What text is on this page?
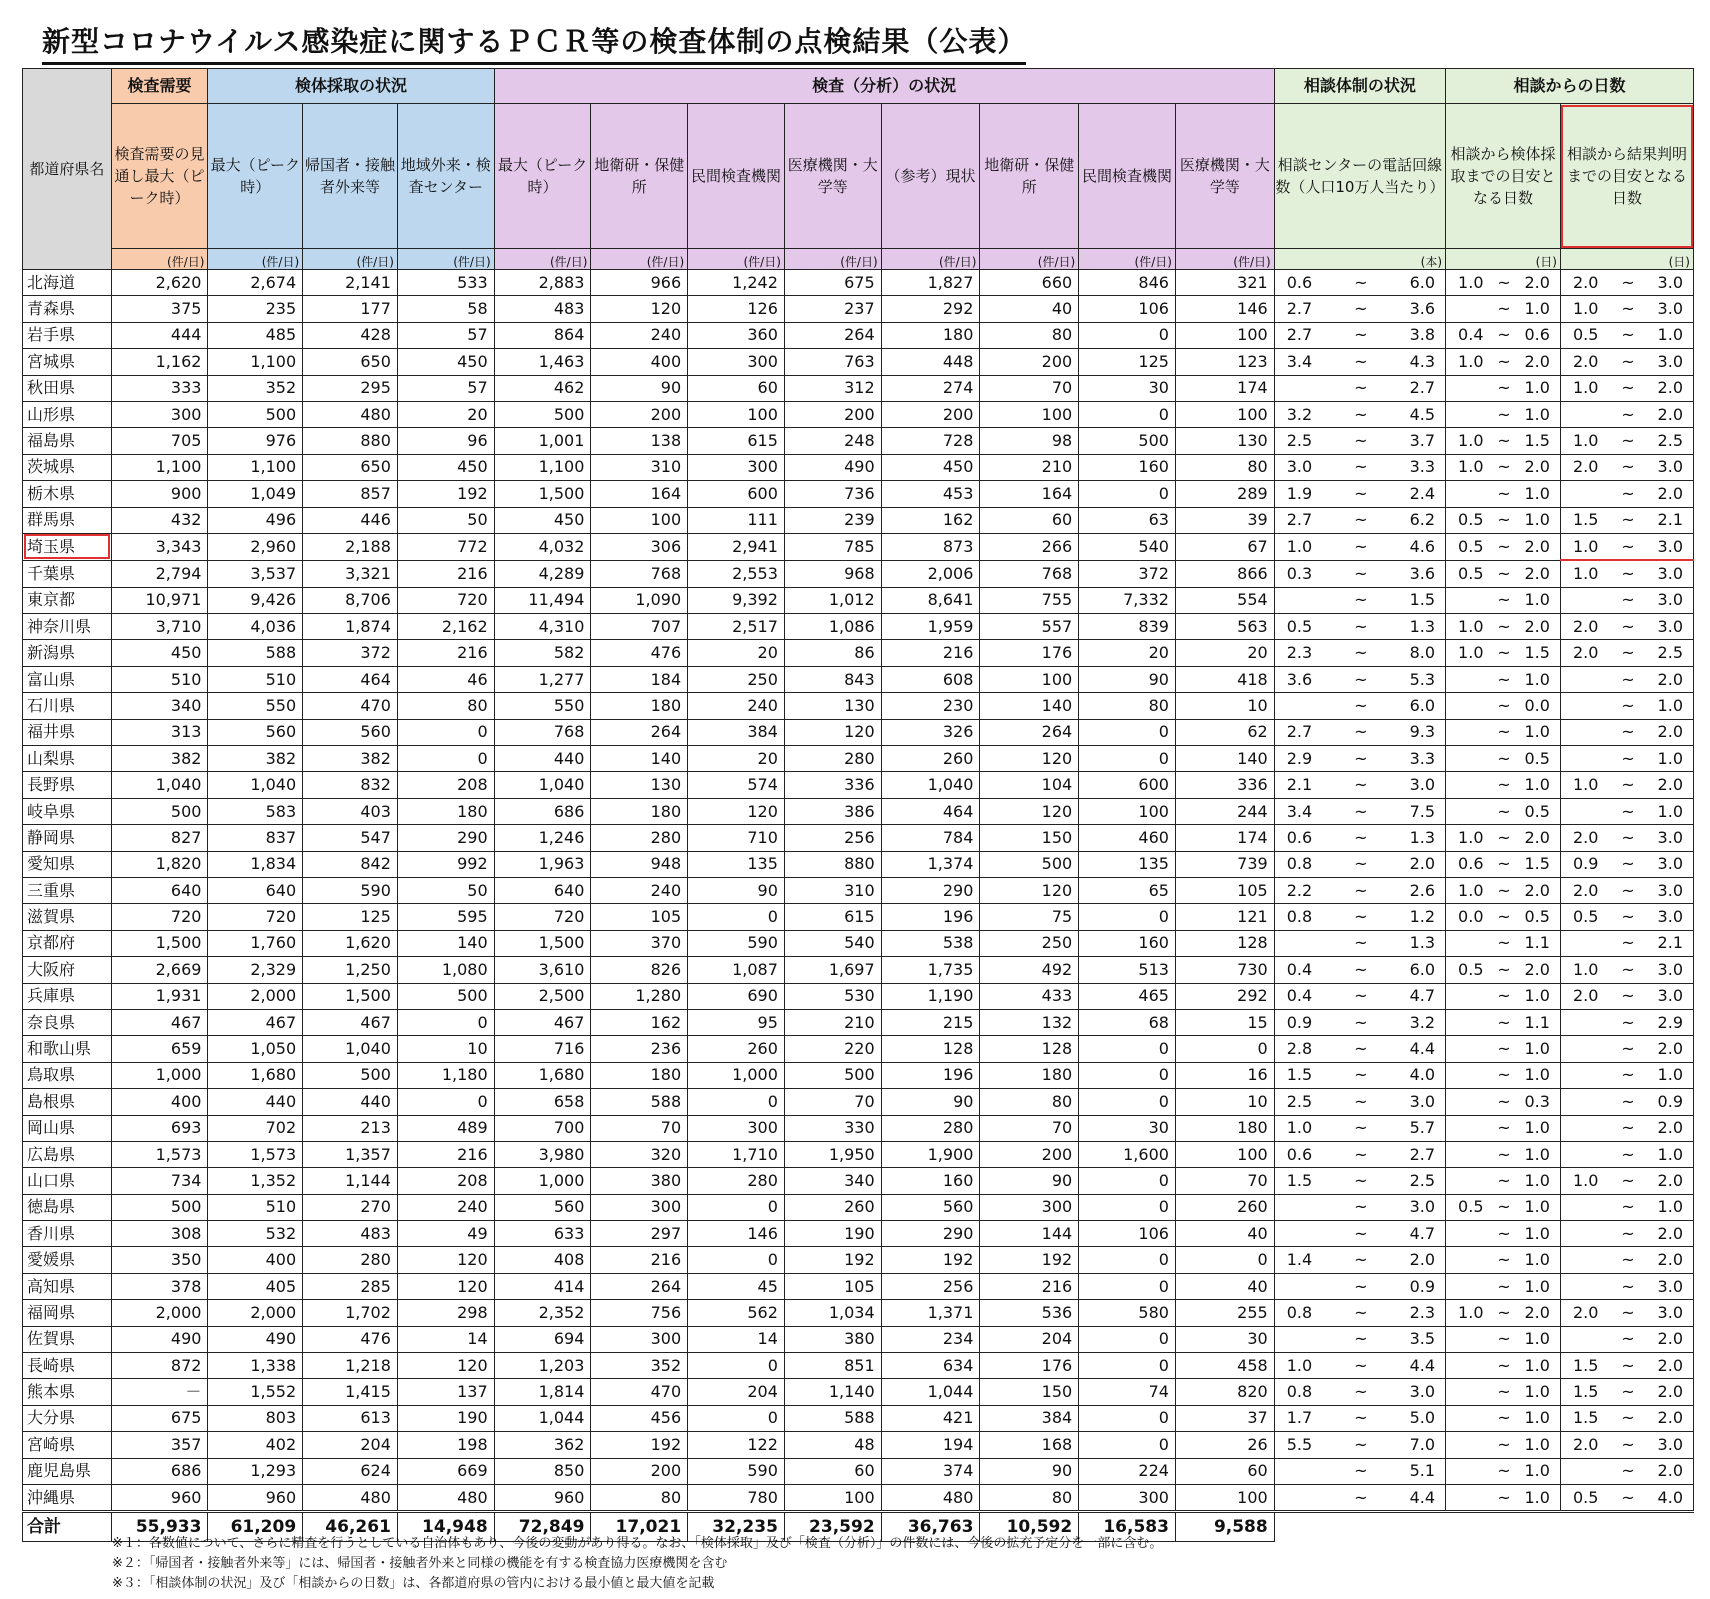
新型コロナウイルス感染症に関するＰＣＲ等の検査体制の点検結果（公表）
都道府県名	検査需要	検体採取の状況			検査（分析）の状況								相談体制の状況	相談からの日数	
	検査需要の見通し最大（ピーク時）	最大（ピーク時）	帰国者・接触者外来等	地域外来・検査センター	最大（ピーク時）	地衛研・保健所	民間検査機関	医療機関・大学等	（参考）現状	地衛研・保健所	民間検査機関	医療機関・大学等	相談センターの電話回線数（人口10万人当たり）	相談から検体採取までの目安となる日数	相談から結果判明までの目安となる日数
	(件/日)	(件/日)	(件/日)	(件/日)	(件/日)	(件/日)	(件/日)	(件/日)	(件/日)	(件/日)	(件/日)	(件/日)	(本)	(日)	(日)
北海道	2,620	2,674	2,141	533	2,883	966	1,242	675	1,827	660	846	321	0.6 ~ 6.0	1.0 ~ 2.0	2.0 ~ 3.0

青森県	375	235	177	58	483	120	126	237	292	40	106	146	2.7 ~ 3.6	~ 1.0	1.0 ~ 3.0

岩手県	444	485	428	57	864	240	360	264	180	80	0	100	2.7 ~ 3.8	0.4 ~ 0.6	0.5 ~ 1.0

宮城県	1,162	1,100	650	450	1,463	400	300	763	448	200	125	123	3.4 ~ 4.3	1.0 ~ 2.0	2.0 ~ 3.0

秋田県	333	352	295	57	462	90	60	312	274	70	30	174	~ 2.7	~ 1.0	1.0 ~ 2.0

山形県	300	500	480	20	500	200	100	200	200	100	0	100	3.2 ~ 4.5	~ 1.0	~ 2.0

福島県	705	976	880	96	1,001	138	615	248	728	98	500	130	2.5 ~ 3.7	1.0 ~ 1.5	1.0 ~ 2.5

茨城県	1,100	1,100	650	450	1,100	310	300	490	450	210	160	80	3.0 ~ 3.3	1.0 ~ 2.0	2.0 ~ 3.0

栃木県	900	1,049	857	192	1,500	164	600	736	453	164	0	289	1.9 ~ 2.4	~ 1.0	~ 2.0

群馬県	432	496	446	50	450	100	111	239	162	60	63	39	2.7 ~ 6.2	0.5 ~ 1.0	1.5 ~ 2.1

埼玉県	3,343	2,960	2,188	772	4,032	306	2,941	785	873	266	540	67	1.0 ~ 4.6	0.5 ~ 2.0	1.0 ~ 3.0

千葉県	2,794	3,537	3,321	216	4,289	768	2,553	968	2,006	768	372	866	0.3 ~ 3.6	0.5 ~ 2.0	1.0 ~ 3.0

東京都	10,971	9,426	8,706	720	11,494	1,090	9,392	1,012	8,641	755	7,332	554	~ 1.5	~ 1.0	~ 3.0

神奈川県	3,710	4,036	1,874	2,162	4,310	707	2,517	1,086	1,959	557	839	563	0.5 ~ 1.3	1.0 ~ 2.0	2.0 ~ 3.0

新潟県	450	588	372	216	582	476	20	86	216	176	20	20	2.3 ~ 8.0	1.0 ~ 1.5	2.0 ~ 2.5

富山県	510	510	464	46	1,277	184	250	843	608	100	90	418	3.6 ~ 5.3	~ 1.0	~ 2.0

石川県	340	550	470	80	550	180	240	130	230	140	80	10	~ 6.0	~ 0.0	~ 1.0

福井県	313	560	560	0	768	264	384	120	326	264	0	62	2.7 ~ 9.3	~ 1.0	~ 2.0

山梨県	382	382	382	0	440	140	20	280	260	120	0	140	2.9 ~ 3.3	~ 0.5	~ 1.0

長野県	1,040	1,040	832	208	1,040	130	574	336	1,040	104	600	336	2.1 ~ 3.0	~ 1.0	1.0 ~ 2.0

岐阜県	500	583	403	180	686	180	120	386	464	120	100	244	3.4 ~ 7.5	~ 0.5	~ 1.0

静岡県	827	837	547	290	1,246	280	710	256	784	150	460	174	0.6 ~ 1.3	1.0 ~ 2.0	2.0 ~ 3.0

愛知県	1,820	1,834	842	992	1,963	948	135	880	1,374	500	135	739	0.8 ~ 2.0	0.6 ~ 1.5	0.9 ~ 3.0

三重県	640	640	590	50	640	240	90	310	290	120	65	105	2.2 ~ 2.6	1.0 ~ 2.0	2.0 ~ 3.0

滋賀県	720	720	125	595	720	105	0	615	196	75	0	121	0.8 ~ 1.2	0.0 ~ 0.5	0.5 ~ 3.0

京都府	1,500	1,760	1,620	140	1,500	370	590	540	538	250	160	128	~ 1.3	~ 1.1	~ 2.1

大阪府	2,669	2,329	1,250	1,080	3,610	826	1,087	1,697	1,735	492	513	730	0.4 ~ 6.0	0.5 ~ 2.0	1.0 ~ 3.0

兵庫県	1,931	2,000	1,500	500	2,500	1,280	690	530	1,190	433	465	292	0.4 ~ 4.7	~ 1.0	2.0 ~ 3.0

奈良県	467	467	467	0	467	162	95	210	215	132	68	15	0.9 ~ 3.2	~ 1.1	~ 2.9

和歌山県	659	1,050	1,040	10	716	236	260	220	128	128	0	0	2.8 ~ 4.4	~ 1.0	~ 2.0

鳥取県	1,000	1,680	500	1,180	1,680	180	1,000	500	196	180	0	16	1.5 ~ 4.0	~ 1.0	~ 1.0

島根県	400	440	440	0	658	588	0	70	90	80	0	10	2.5 ~ 3.0	~ 0.3	~ 0.9

岡山県	693	702	213	489	700	70	300	330	280	70	30	180	1.0 ~ 5.7	~ 1.0	~ 2.0

広島県	1,573	1,573	1,357	216	3,980	320	1,710	1,950	1,900	200	1,600	100	0.6 ~ 2.7	~ 1.0	~ 1.0

山口県	734	1,352	1,144	208	1,000	380	280	340	160	90	0	70	1.5 ~ 2.5	~ 1.0	1.0 ~ 2.0

徳島県	500	510	270	240	560	300	0	260	560	300	0	260	~ 3.0	0.5 ~ 1.0	~ 1.0

香川県	308	532	483	49	633	297	146	190	290	144	106	40	~ 4.7	~ 1.0	~ 2.0

愛媛県	350	400	280	120	408	216	0	192	192	192	0	0	1.4 ~ 2.0	~ 1.0	~ 2.0

高知県	378	405	285	120	414	264	45	105	256	216	0	40	~ 0.9	~ 1.0	~ 3.0

福岡県	2,000	2,000	1,702	298	2,352	756	562	1,034	1,371	536	580	255	0.8 ~ 2.3	1.0 ~ 2.0	2.0 ~ 3.0

佐賀県	490	490	476	14	694	300	14	380	234	204	0	30	~ 3.5	~ 1.0	~ 2.0

長崎県	872	1,338	1,218	120	1,203	352	0	851	634	176	0	458	1.0 ~ 4.4	~ 1.0	1.5 ~ 2.0

熊本県	－	1,552	1,415	137	1,814	470	204	1,140	1,044	150	74	820	0.8 ~ 3.0	~ 1.0	1.5 ~ 2.0

大分県	675	803	613	190	1,044	456	0	588	421	384	0	37	1.7 ~ 5.0	~ 1.0	1.5 ~ 2.0

宮崎県	357	402	204	198	362	192	122	48	194	168	0	26	5.5 ~ 7.0	~ 1.0	2.0 ~ 3.0

鹿児島県	686	1,293	624	669	850	200	590	60	374	90	224	60	~ 5.1	~ 1.0	~ 2.0

沖縄県	960	960	480	480	960	80	780	100	480	80	300	100	~ 4.4	~ 1.0	0.5 ~ 4.0

合計	55,933	61,209	46,261	14,948	72,849	17,021	32,235	23,592	36,763	10,592	16,583	9,588			

※１：各数値について、さらに精査を行うとしている自治体もあり、今後の変動があり得る。なお、「検体採取」及び「検査（分析）」の件数には、今後の拡充予定分を一部に含む。

※２：「帰国者・接触者外来等」には、帰国者・接触者外来と同様の機能を有する検査協力医療機関を含む

※３：「相談体制の状況」及び「相談からの日数」は、各都道府県の管内における最小値と最大値を記載
